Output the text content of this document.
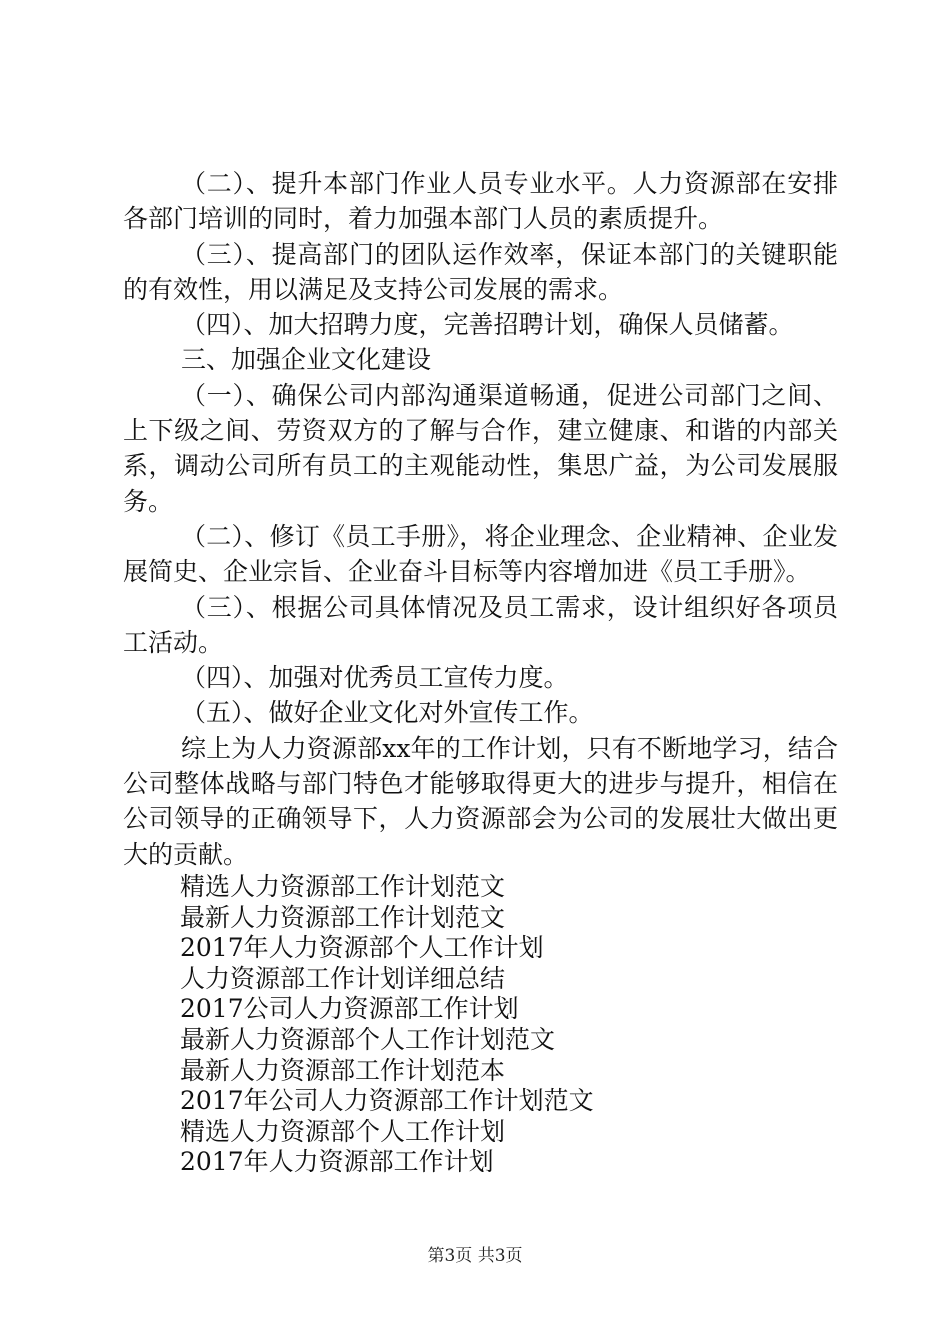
（二）、提升本部门作业人员专业水平。人力资源部在安排各部门培训的同时，着力加强本部门人员的素质提升。

（三）、提高部门的团队运作效率，保证本部门的关键职能的有效性，用以满足及支持公司发展的需求。

（四）、加大招聘力度，完善招聘计划，确保人员储蓄。

三、加强企业文化建设

（一）、确保公司内部沟通渠道畅通，促进公司部门之间、上下级之间、劳资双方的了解与合作，建立健康、和谐的内部关系，调动公司所有员工的主观能动性，集思广益，为公司发展服务。

（二）、修订《员工手册》，将企业理念、企业精神、企业发展简史、企业宗旨、企业奋斗目标等内容增加进《员工手册》。

（三）、根据公司具体情况及员工需求，设计组织好各项员工活动。

（四）、加强对优秀员工宣传力度。

（五）、做好企业文化对外宣传工作。

综上为人力资源部xx年的工作计划，只有不断地学习，结合公司整体战略与部门特色才能够取得更大的进步与提升，相信在公司领导的正确领导下，人力资源部会为公司的发展壮大做出更大的贡献。

精选人力资源部工作计划范文

最新人力资源部工作计划范文

2017年人力资源部个人工作计划

人力资源部工作计划详细总结

2017公司人力资源部工作计划

最新人力资源部个人工作计划范文

最新人力资源部工作计划范本

2017年公司人力资源部工作计划范文

精选人力资源部个人工作计划

2017年人力资源部工作计划

第3页 共3页
